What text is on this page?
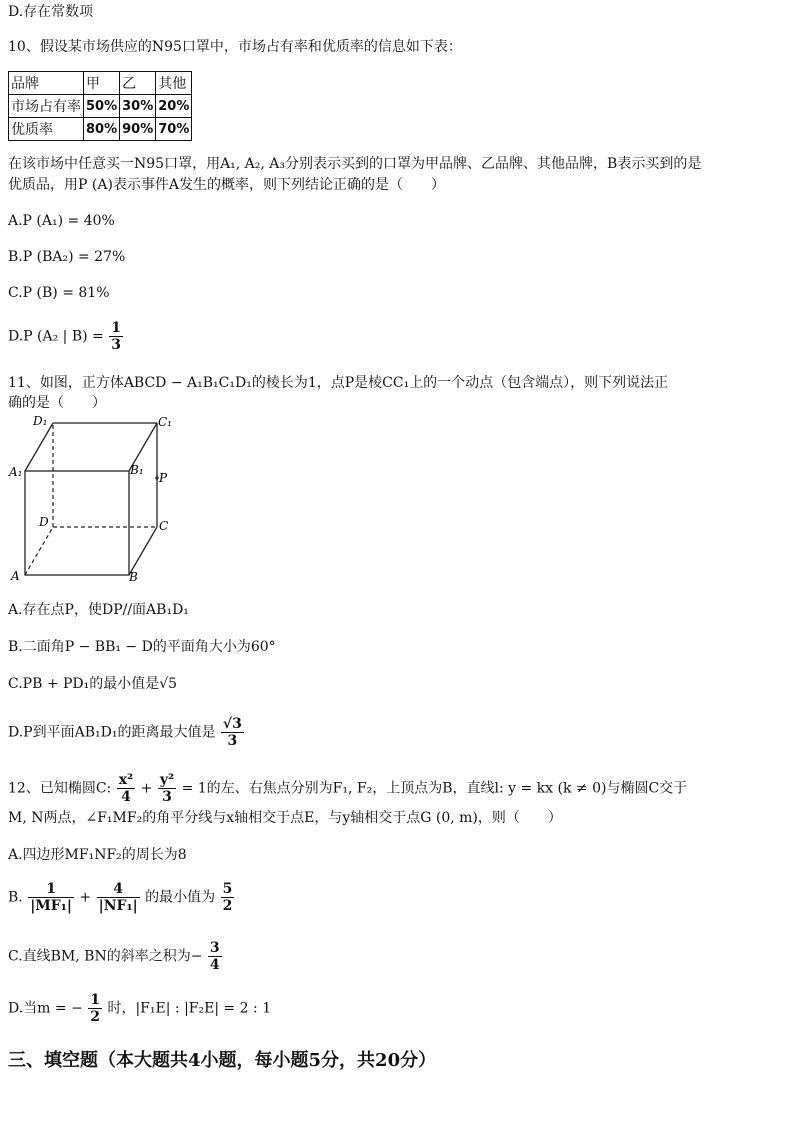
D.存在常数项
10、假设某市场供应的N95口罩中，市场占有率和优质率的信息如下表：
品牌	甲	乙	其他
市场占有率	50%	30%	20%
优质率	80%	90%	70%
在该市场中任意买一N95口罩，用A₁, A₂, A₃分别表示买到的口罩为甲品牌、乙品牌、其他品牌，B表示买到的是
优质品，用P (A)表示事件A发生的概率，则下列结论正确的是（　　）
A.P (A₁) = 40%
B.P (BA₂) = 27%
C.P (B) = 81%
D.P (A₂ | $B) = \frac{1}{3}$
11、如图，正方体ABCD − A₁B₁C₁D₁的棱长为1，点P是棱CC₁上的一个动点（包含端点），则下列说法正
确的是（　　）
D₁	C₁
A₁	B₁
P
D	C
A	B
A.存在点P，使DP//面AB₁D₁
B.二面角P − BB₁ − D的平面角大小为60°
C.PB + PD₁的最小值是√5
D.P到平面AB₁D₁的距离最大值是 $\frac{√3}{3}$
12、已知椭圆C: $\frac{\text{x²}}{4} + \frac{\text{y²}}{3} = 1$的左、右焦点分别为F₁, F₂，上顶点为B，直线l: y = kx (k ≠ 0)与椭圆C交于
M, N两点，∠F₁MF₂的角平分线与x轴相交于点E，与y轴相交于点G (0, m)，则（　　）
A.四边形MF₁NF₂的周长为8
B. $\frac{1}{\text{|MF₁|}} + \frac{4}{\text{|NF₁|}}$ 的最小值为 $\frac{5}{2}$
C.直线BM, BN的斜率之积为− $\frac{3}{4}$
D.当m = − $\frac{1}{2}$ 时，|F₁E| : |F₂E| = 2 : 1
三、填空题（本大题共4小题，每小题5分，共20分）
